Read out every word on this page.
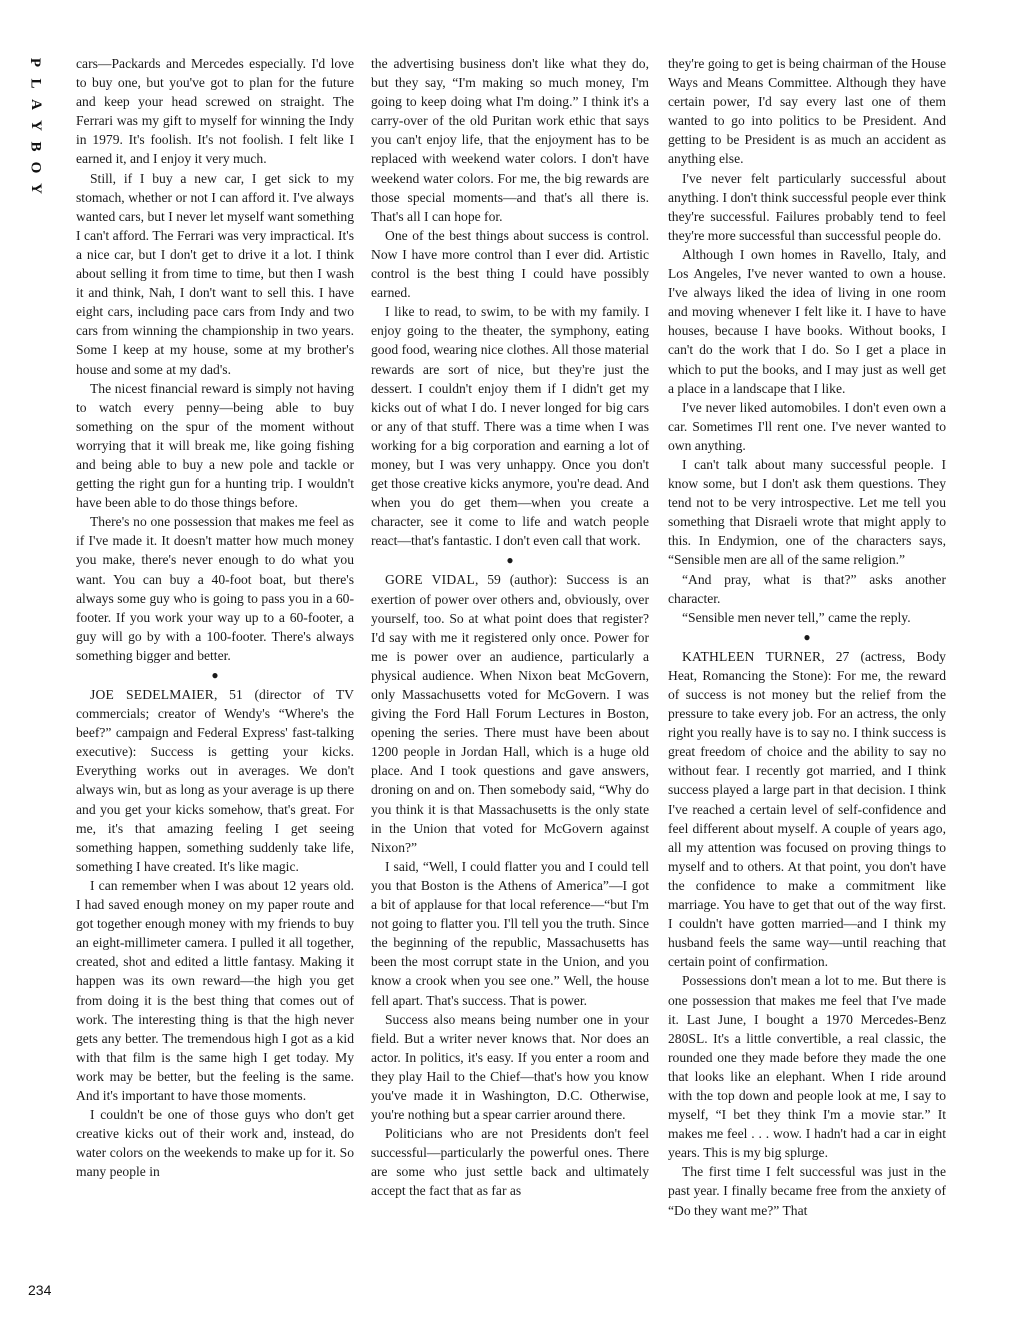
P
L
A
Y
B
O
Y
234

cars—Packards and Mercedes especially. I'd love to buy one, but you've got to plan for the future and keep your head screwed on straight. The Ferrari was my gift to myself for winning the Indy in 1979. It's foolish. It's not foolish. I felt like I earned it, and I enjoy it very much.

Still, if I buy a new car, I get sick to my stomach, whether or not I can afford it. I've always wanted cars, but I never let myself want something I can't afford. The Ferrari was very impractical. It's a nice car, but I don't get to drive it a lot. I think about selling it from time to time, but then I wash it and think, Nah, I don't want to sell this. I have eight cars, including pace cars from Indy and two cars from winning the championship in two years. Some I keep at my house, some at my brother's house and some at my dad's.

The nicest financial reward is simply not having to watch every penny—being able to buy something on the spur of the moment without worrying that it will break me, like going fishing and being able to buy a new pole and tackle or getting the right gun for a hunting trip. I wouldn't have been able to do those things before.

There's no one possession that makes me feel as if I've made it. It doesn't matter how much money you make, there's never enough to do what you want. You can buy a 40-foot boat, but there's always some guy who is going to pass you in a 60-footer. If you work your way up to a 60-footer, a guy will go by with a 100-footer. There's always something bigger and better.

●

JOE SEDELMAIER, 51 (director of TV commercials; creator of Wendy's “Where's the beef?” campaign and Federal Express' fast-talking executive): Success is getting your kicks. Everything works out in averages. We don't always win, but as long as your average is up there and you get your kicks somehow, that's great. For me, it's that amazing feeling I get seeing something happen, something suddenly take life, something I have created. It's like magic.

I can remember when I was about 12 years old. I had saved enough money on my paper route and got together enough money with my friends to buy an eight-millimeter camera. I pulled it all together, created, shot and edited a little fantasy. Making it happen was its own reward—the high you get from doing it is the best thing that comes out of work. The interesting thing is that the high never gets any better. The tremendous high I got as a kid with that film is the same high I get today. My work may be better, but the feeling is the same. And it's important to have those moments.

I couldn't be one of those guys who don't get creative kicks out of their work and, instead, do water colors on the weekends to make up for it. So many people in

the advertising business don't like what they do, but they say, “I'm making so much money, I'm going to keep doing what I'm doing.” I think it's a carry-over of the old Puritan work ethic that says you can't enjoy life, that the enjoyment has to be replaced with weekend water colors. I don't have weekend water colors. For me, the big rewards are those special moments—and that's all there is. That's all I can hope for.

One of the best things about success is control. Now I have more control than I ever did. Artistic control is the best thing I could have possibly earned.

I like to read, to swim, to be with my family. I enjoy going to the theater, the symphony, eating good food, wearing nice clothes. All those material rewards are sort of nice, but they're just the dessert. I couldn't enjoy them if I didn't get my kicks out of what I do. I never longed for big cars or any of that stuff. There was a time when I was working for a big corporation and earning a lot of money, but I was very unhappy. Once you don't get those creative kicks anymore, you're dead. And when you do get them—when you create a character, see it come to life and watch people react—that's fantastic. I don't even call that work.

●

GORE VIDAL, 59 (author): Success is an exertion of power over others and, obviously, over yourself, too. So at what point does that register? I'd say with me it registered only once. Power for me is power over an audience, particularly a physical audience. When Nixon beat McGovern, only Massachusetts voted for McGovern. I was giving the Ford Hall Forum Lectures in Boston, opening the series. There must have been about 1200 people in Jordan Hall, which is a huge old place. And I took questions and gave answers, droning on and on. Then somebody said, “Why do you think it is that Massachusetts is the only state in the Union that voted for McGovern against Nixon?”

I said, “Well, I could flatter you and I could tell you that Boston is the Athens of America”—I got a bit of applause for that local reference—“but I'm not going to flatter you. I'll tell you the truth. Since the beginning of the republic, Massachusetts has been the most corrupt state in the Union, and you know a crook when you see one.” Well, the house fell apart. That's success. That is power.

Success also means being number one in your field. But a writer never knows that. Nor does an actor. In politics, it's easy. If you enter a room and they play Hail to the Chief—that's how you know you've made it in Washington, D.C. Otherwise, you're nothing but a spear carrier around there.

Politicians who are not Presidents don't feel successful—particularly the powerful ones. There are some who just settle back and ultimately accept the fact that as far as

they're going to get is being chairman of the House Ways and Means Committee. Although they have certain power, I'd say every last one of them wanted to go into politics to be President. And getting to be President is as much an accident as anything else.

I've never felt particularly successful about anything. I don't think successful people ever think they're successful. Failures probably tend to feel they're more successful than successful people do.

Although I own homes in Ravello, Italy, and Los Angeles, I've never wanted to own a house. I've always liked the idea of living in one room and moving whenever I felt like it. I have to have houses, because I have books. Without books, I can't do the work that I do. So I get a place in which to put the books, and I may just as well get a place in a landscape that I like.

I've never liked automobiles. I don't even own a car. Sometimes I'll rent one. I've never wanted to own anything.

I can't talk about many successful people. I know some, but I don't ask them questions. They tend not to be very introspective. Let me tell you something that Disraeli wrote that might apply to this. In Endymion, one of the characters says, “Sensible men are all of the same religion.”

“And pray, what is that?” asks another character.

“Sensible men never tell,” came the reply.

●

KATHLEEN TURNER, 27 (actress, Body Heat, Romancing the Stone): For me, the reward of success is not money but the relief from the pressure to take every job. For an actress, the only right you really have is to say no. I think success is great freedom of choice and the ability to say no without fear. I recently got married, and I think success played a large part in that decision. I think I've reached a certain level of self-confidence and feel different about myself. A couple of years ago, all my attention was focused on proving things to myself and to others. At that point, you don't have the confidence to make a commitment like marriage. You have to get that out of the way first. I couldn't have gotten married—and I think my husband feels the same way—until reaching that certain point of confirmation.

Possessions don't mean a lot to me. But there is one possession that makes me feel that I've made it. Last June, I bought a 1970 Mercedes-Benz 280SL. It's a little convertible, a real classic, the rounded one they made before they made the one that looks like an elephant. When I ride around with the top down and people look at me, I say to myself, “I bet they think I'm a movie star.” It makes me feel . . . wow. I hadn't had a car in eight years. This is my big splurge.

The first time I felt successful was just in the past year. I finally became free from the anxiety of “Do they want me?” That
